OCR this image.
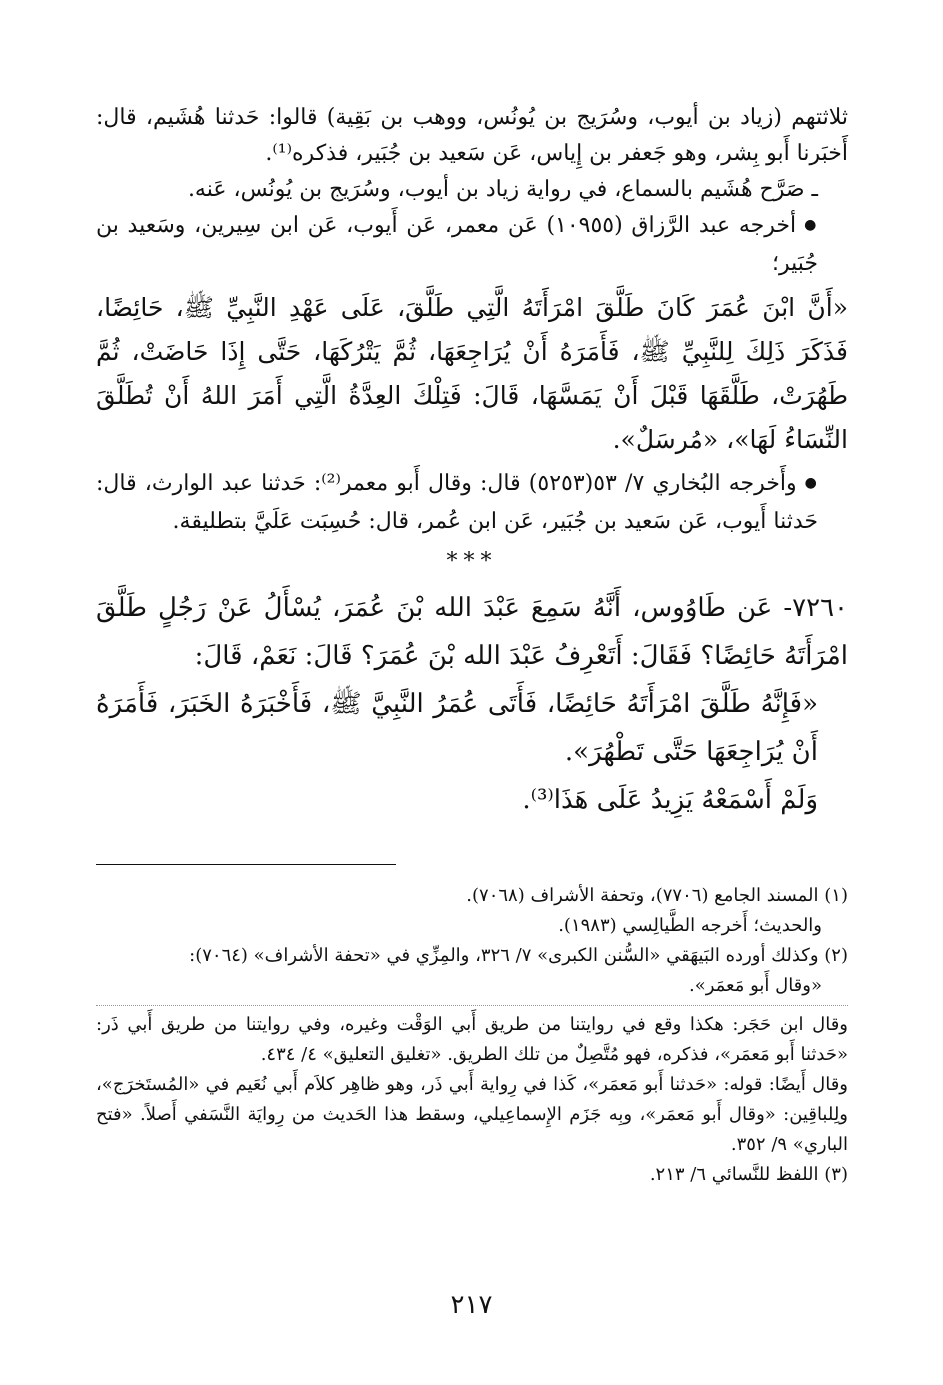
ثلاثتهم (زياد بن أيوب، وسُرَيج بن يُونُس، ووهب بن بَقِية) قالوا: حَدثنا هُشَيم، قال: أَخبَرنا أَبو بِشر، وهو جَعفر بن إِياس، عَن سَعيد بن جُبَير، فذكره⁽¹⁾.

ـ صَرَّح هُشَيم بالسماع، في رواية زياد بن أيوب، وسُرَيج بن يُونُس، عَنه.

● أخرجه عبد الرَّزاق (١٠٩٥٥) عَن معمر، عَن أَيوب، عَن ابن سِيرين، وسَعيد بن جُبَير؛

«أَنَّ ابْنَ عُمَرَ كَانَ طَلَّقَ امْرَأَتَهُ الَّتِي طَلَّقَ، عَلَى عَهْدِ النَّبِيِّ ﷺ، حَائِضًا، فَذَكَرَ ذَلِكَ لِلنَّبِيِّ ﷺ، فَأَمَرَهُ أَنْ يُرَاجِعَهَا، ثُمَّ يَتْرُكَهَا، حَتَّى إِذَا حَاضَتْ، ثُمَّ طَهُرَتْ، طَلَّقَهَا قَبْلَ أَنْ يَمَسَّهَا، قَالَ: فَتِلْكَ العِدَّةُ الَّتِي أَمَرَ اللهُ أَنْ تُطَلَّقَ النِّسَاءُ لَهَا»، «مُرسَلٌ».

● وأَخرجه البُخاري ٧/ ٥٣(٥٢٥٣) قال: وقال أَبو معمر⁽²⁾: حَدثنا عبد الوارث، قال: حَدثنا أَيوب، عَن سَعيد بن جُبَير، عَن ابن عُمر، قال: حُسِبَت عَلَيَّ بتطليقة.

***

٧٢٦٠- عَن طَاوُوس، أَنَّهُ سَمِعَ عَبْدَ الله بْنَ عُمَرَ، يُسْأَلُ عَنْ رَجُلٍ طَلَّقَ امْرَأَتَهُ حَائِضًا؟ فَقَالَ: أَتَعْرِفُ عَبْدَ الله بْنَ عُمَرَ؟ قَالَ: نَعَمْ، قَالَ:

«فَإِنَّهُ طَلَّقَ امْرَأَتَهُ حَائِضًا، فَأَتَى عُمَرُ النَّبِيَّ ﷺ، فَأَخْبَرَهُ الخَبَرَ، فَأَمَرَهُ أَنْ يُرَاجِعَهَا حَتَّى تَطْهُرَ».

وَلَمْ أَسْمَعْهُ يَزِيدُ عَلَى هَذَا⁽³⁾.

(١) المسند الجامع (٧٧٠٦)، وتحفة الأشراف (٧٠٦٨).

والحديث؛ أَخرجه الطَّيالِسي (١٩٨٣).

(٢) وكذلك أورده البَيهَقي «السُّنن الكبرى» ٧/ ٣٢٦، والمِزِّي في «تحفة الأشراف» (٧٠٦٤):

«وقال أَبو مَعمَر».

وقال ابن حَجَر: هكذا وقع في روايتنا من طريق أَبي الوَقْت وغيره، وفي روايتنا من طريق أَبي ذَر: «حَدثنا أَبو مَعمَر»، فذكره، فهو مُتَّصِلٌ من تلك الطريق. «تغليق التعليق» ٤/ ٤٣٤.

وقال أَيضًا: قوله: «حَدثنا أَبو مَعمَر»، كَذا في رِواية أَبي ذَر، وهو ظاهِر كلاَم أَبي نُعَيم في «المُستَخرَج»، ولِلباقِين: «وقال أَبو مَعمَر»، وبِه جَزَم الإِسماعِيلي، وسقط هذا الحَديث من رِوايَة النَّسَفي أَصلاً. «فتح الباري» ٩/ ٣٥٢.

(٣) اللفظ للنَّسائي ٦/ ٢١٣.

٢١٧
